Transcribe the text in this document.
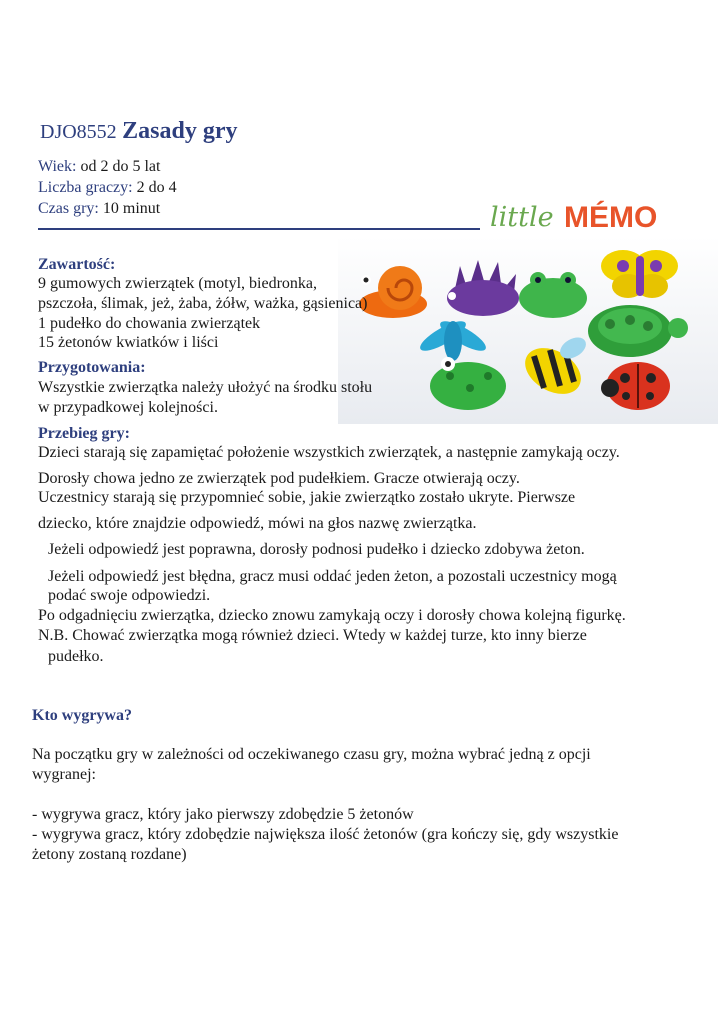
DJO8552 Zasady gry
Wiek: od 2 do 5 lat
Liczba graczy: 2 do 4
Czas gry: 10 minut	little MÉMO
Zawartość:
9 gumowych zwierzątek (motyl, biedronka,
pszczoła, ślimak, jeż, żaba, żółw, ważka, gąsienica)
1 pudełko do chowania zwierzątek
15 żetonów kwiatków i liści
Przygotowania:
Wszystkie zwierzątka należy ułożyć na środku stołu
w przypadkowej kolejności.
Przebieg gry:
Dzieci starają się zapamiętać położenie wszystkich zwierzątek, a następnie zamykają oczy.
Dorosły chowa jedno ze zwierzątek pod pudełkiem. Gracze otwierają oczy.
Uczestnicy starają się przypomnieć sobie, jakie zwierzątko zostało ukryte. Pierwsze
dziecko, które znajdzie odpowiedź, mówi na głos nazwę zwierzątka.
Jeżeli odpowiedź jest poprawna, dorosły podnosi pudełko i dziecko zdobywa żeton.
Jeżeli odpowiedź jest błędna, gracz musi oddać jeden żeton, a pozostali uczestnicy mogą
podać swoje odpowiedzi.
Po odgadnięciu zwierzątka, dziecko znowu zamykają oczy i dorosły chowa kolejną figurkę.
N.B. Chować zwierzątka mogą również dzieci. Wtedy w każdej turze, kto inny bierze
pudełko.
Kto wygrywa?
Na początku gry w zależności od oczekiwanego czasu gry, można wybrać jedną z opcji
wygranej:
- wygrywa gracz, który jako pierwszy zdobędzie 5 żetonów
- wygrywa gracz, który zdobędzie największa ilość żetonów (gra kończy się, gdy wszystkie
żetony zostaną rozdane)
